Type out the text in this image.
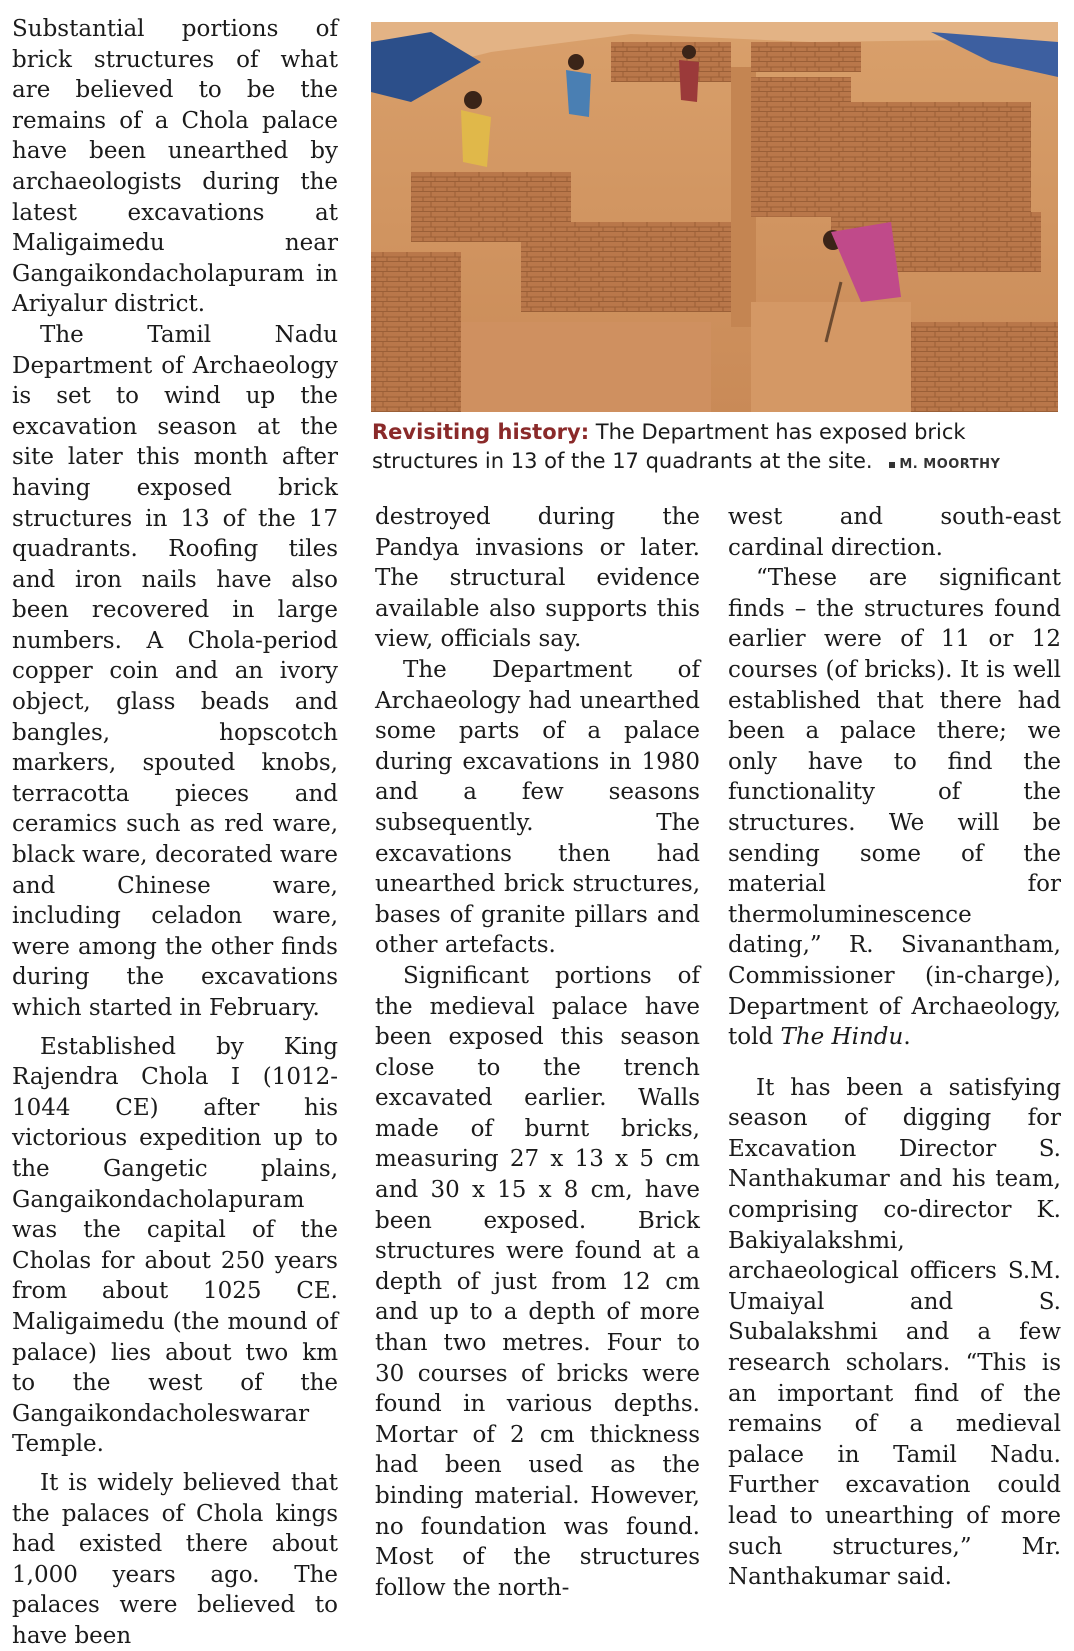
Substantial portions of brick structures of what are believed to be the remains of a Chola palace have been unearthed by archaeologists during the latest excavations at Maligaimedu near Gangaikondacholapuram in Ariyalur district.

The Tamil Nadu Department of Archaeology is set to wind up the excavation season at the site later this month after having exposed brick structures in 13 of the 17 quadrants. Roofing tiles and iron nails have also been recovered in large numbers. A Chola-period copper coin and an ivory object, glass beads and bangles, hopscotch markers, spouted knobs, terracotta pieces and ceramics such as red ware, black ware, decorated ware and Chinese ware, including celadon ware, were among the other finds during the excavations which started in February.

Established by King Rajendra Chola I (1012-1044 CE) after his victorious expedition up to the Gangetic plains, Gangaikondacholapuram was the capital of the Cholas for about 250 years from about 1025 CE. Maligaimedu (the mound of palace) lies about two km to the west of the Gangaikondacholeswarar Temple.

It is widely believed that the palaces of Chola kings had existed there about 1,000 years ago. The palaces were believed to have been

Revisiting history: The Department has exposed brick structures in 13 of the 17 quadrants at the site. M. MOORTHY

destroyed during the Pandya invasions or later. The structural evidence available also supports this view, officials say.

The Department of Archaeology had unearthed some parts of a palace during excavations in 1980 and a few seasons subsequently. The excavations then had unearthed brick structures, bases of granite pillars and other artefacts.

Significant portions of the medieval palace have been exposed this season close to the trench excavated earlier. Walls made of burnt bricks, measuring 27 x 13 x 5 cm and 30 x 15 x 8 cm, have been exposed. Brick structures were found at a depth of just from 12 cm and up to a depth of more than two metres. Four to 30 courses of bricks were found in various depths. Mortar of 2 cm thickness had been used as the binding material. However, no foundation was found. Most of the structures follow the north-

west and south-east cardinal direction.

“These are significant finds – the structures found earlier were of 11 or 12 courses (of bricks). It is well established that there had been a palace there; we only have to find the functionality of the structures. We will be sending some of the material for thermoluminescence dating,” R. Sivanantham, Commissioner (in-charge), Department of Archaeology, told The Hindu.

It has been a satisfying season of digging for Excavation Director S. Nanthakumar and his team, comprising co-director K. Bakiyalakshmi, archaeological officers S.M. Umaiyal and S. Subalakshmi and a few research scholars. “This is an important find of the remains of a medieval palace in Tamil Nadu. Further excavation could lead to unearthing of more such structures,” Mr. Nanthakumar said.
